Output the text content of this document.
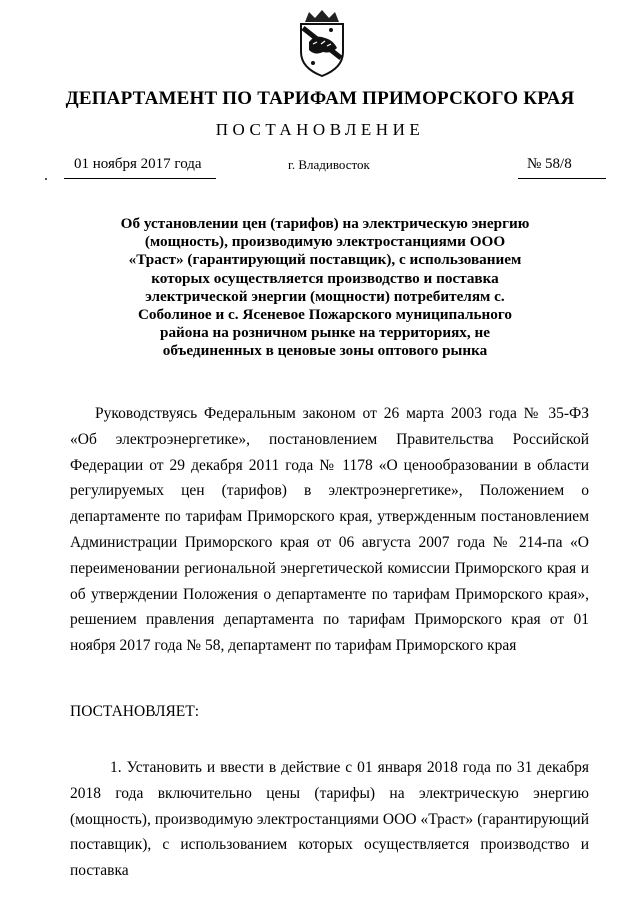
ДЕПАРТАМЕНТ ПО ТАРИФАМ ПРИМОРСКОГО КРАЯ
ПОСТАНОВЛЕНИЕ
01 ноября 2017 года	г. Владивосток	№ 58/8
Об установлении цен (тарифов) на электрическую энергию (мощность), производимую электростанциями ООО «Траст» (гарантирующий поставщик), с использованием которых осуществляется производство и поставка электрической энергии (мощности) потребителям с. Соболиное и с. Ясеневое Пожарского муниципального района на розничном рынке на территориях, не объединенных в ценовые зоны оптового рынка
Руководствуясь Федеральным законом от 26 марта 2003 года № 35-ФЗ «Об электроэнергетике», постановлением Правительства Российской Федерации от 29 декабря 2011 года № 1178 «О ценообразовании в области регулируемых цен (тарифов) в электроэнергетике», Положением о департаменте по тарифам Приморского края, утвержденным постановлением Администрации Приморского края от 06 августа 2007 года № 214-па «О переименовании региональной энергетической комиссии Приморского края и об утверждении Положения о департаменте по тарифам Приморского края», решением правления департамента по тарифам Приморского края от 01 ноября 2017 года № 58, департамент по тарифам Приморского края
ПОСТАНОВЛЯЕТ:
1. Установить и ввести в действие с 01 января 2018 года по 31 декабря 2018 года включительно цены (тарифы) на электрическую энергию (мощность), производимую электростанциями ООО «Траст» (гарантирующий поставщик), с использованием которых осуществляется производство и поставка
